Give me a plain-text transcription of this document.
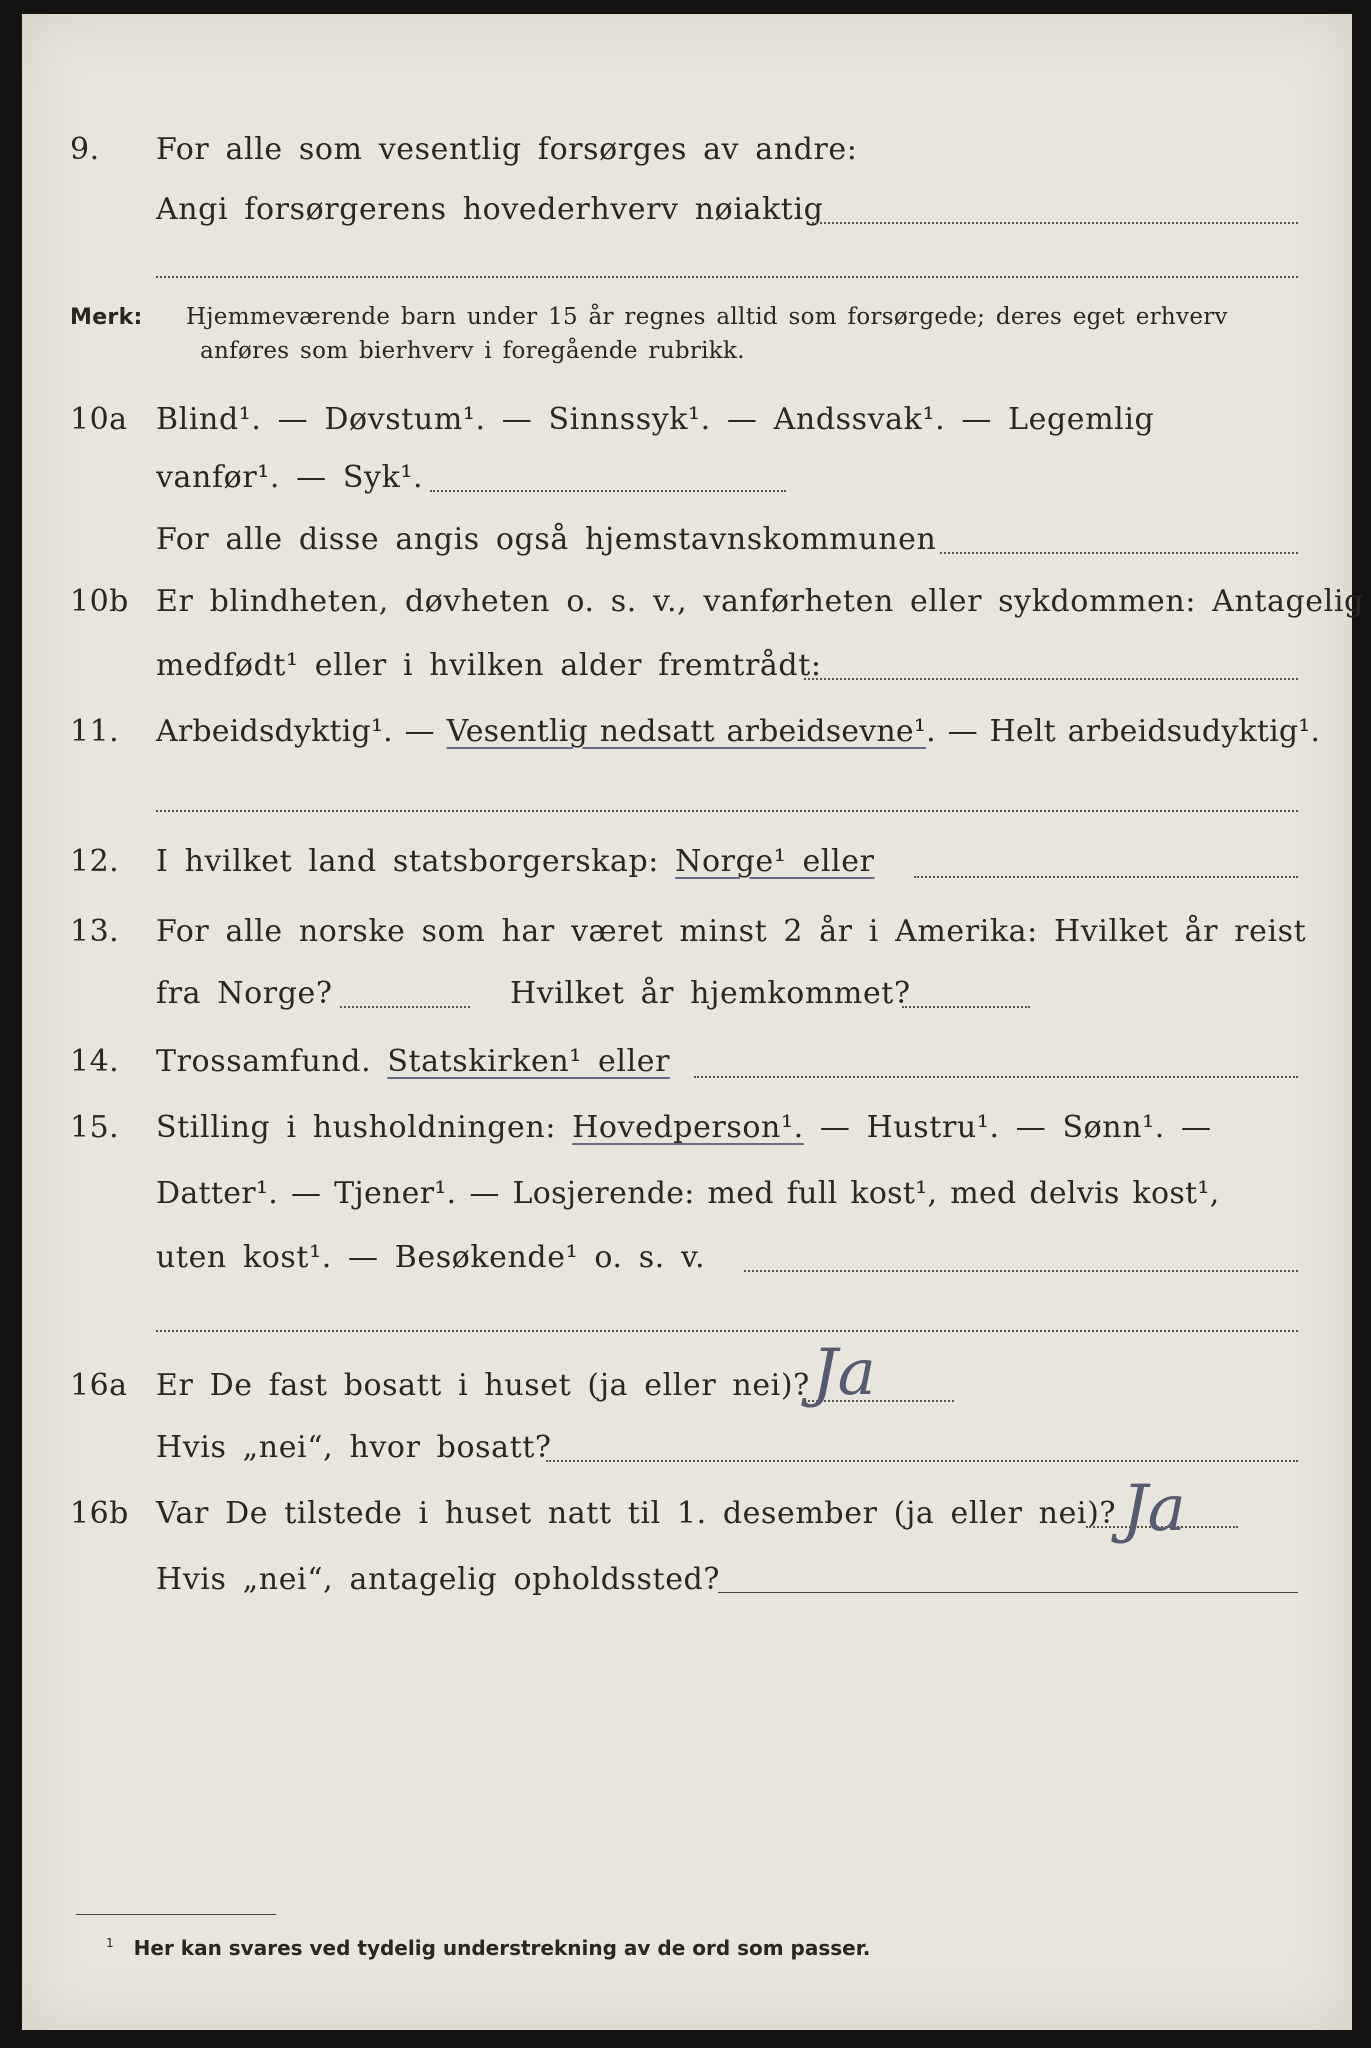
9. For alle som vesentlig forsørges av andre:
Angi forsørgerens hovederhverv nøiaktig
Merk: Hjemmeværende barn under 15 år regnes alltid som forsørgede; deres eget erhverv
anføres som bierhverv i foregående rubrikk.
10a Blind¹. — Døvstum¹. — Sinnssyk¹. — Andssvak¹. — Legemlig
vanfør¹. — Syk¹.
For alle disse angis også hjemstavnskommunen
10b Er blindheten, døvheten o. s. v., vanførheten eller sykdommen: Antagelig
medfødt¹ eller i hvilken alder fremtrådt:
11. Arbeidsdyktig¹. — Vesentlig nedsatt arbeidsevne¹. — Helt arbeidsudyktig¹.
12. I hvilket land statsborgerskap: Norge¹ eller
13. For alle norske som har været minst 2 år i Amerika: Hvilket år reist
fra Norge?	Hvilket år hjemkommet?
14. Trossamfund. Statskirken¹ eller
15. Stilling i husholdningen: Hovedperson¹. — Hustru¹. — Sønn¹. —
Datter¹. — Tjener¹. — Losjerende: med full kost¹, med delvis kost¹,
uten kost¹. — Besøkende¹ o. s. v.
16a Er De fast bosatt i huset (ja eller nei)? Ja
Hvis „nei“, hvor bosatt?
16b Var De tilstede i huset natt til 1. desember (ja eller nei)? Ja
Hvis „nei“, antagelig opholdssted?
$^1$ Her kan svares ved tydelig understrekning av de ord som passer.
